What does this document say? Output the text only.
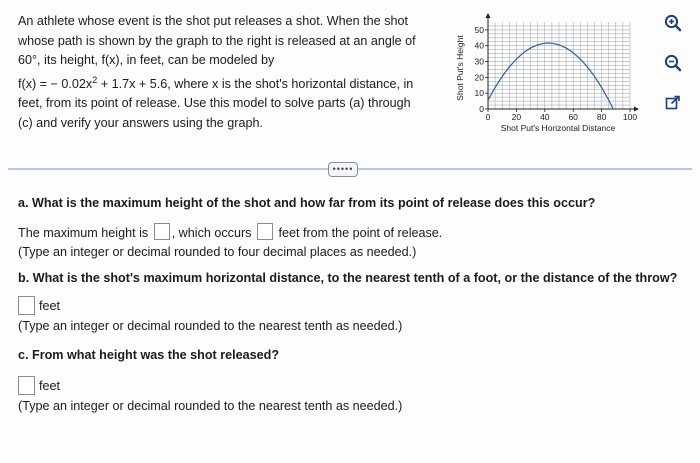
An athlete whose event is the shot put releases a shot. When the shot
whose path is shown by the graph to the right is released at an angle of
60°, its height, f(x), in feet, can be modeled by
f(x) = − $0.02x^2 + 1.7x + 5.6$, where x is the shot's horizontal distance, in
feet, from its point of release. Use this model to solve parts (a) through
(c) and verify your answers using the graph.	0	20 40 60 80 100
0
10
20
30
40
50
Shot Put's Height
Shot Put's Horizontal Distance
•••••
a. What is the maximum height of the shot and how far from its point of release does this occur?
The maximum height is , which occurs feet from the point of release.
(Type an integer or decimal rounded to four decimal places as needed.)
b. What is the shot's maximum horizontal distance, to the nearest tenth of a foot, or the distance of the throw?
feet
(Type an integer or decimal rounded to the nearest tenth as needed.)
c. From what height was the shot released?
feet
(Type an integer or decimal rounded to the nearest tenth as needed.)
